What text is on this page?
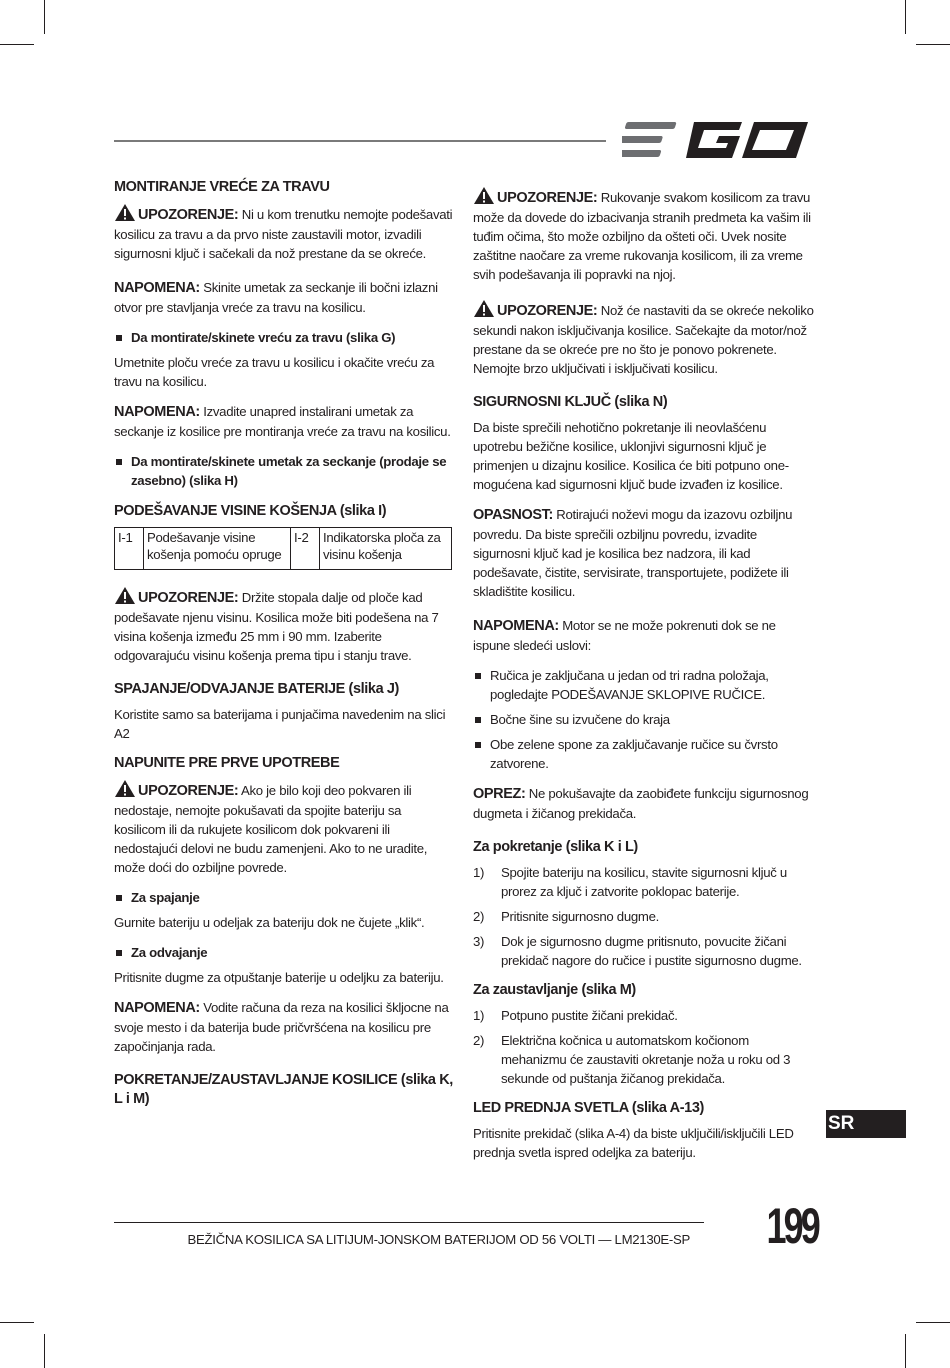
MONTIRANJE VREĆE ZA TRAVU

UPOZORENJE: Ni u kom trenutku nemojte podešavati kosilicu za travu a da prvo niste zaustavili motor, izvadili sigurnosni ključ i sačekali da nož prestane da se okreće.

NAPOMENA: Skinite umetak za seckanje ili bočni izlazni otvor pre stavljanja vreće za travu na kosilicu.

Da montirate/skinete vreću za travu (slika G)

Umetnite ploču vreće za travu u kosilicu i okačite vreću za travu na kosilicu.

NAPOMENA: Izvadite unapred instalirani umetak za seckanje iz kosilice pre montiranja vreće za travu na kosilicu.

Da montirate/skinete umetak za seckanje (prodaje se zasebno) (slika H)
PODEŠAVANJE VISINE KOŠENJA (slika I)
I-1	Podešavanje visine košenja pomoću opruge	I-2	Indikatorska ploča za visinu košenja

UPOZORENJE: Držite stopala dalje od ploče kad podešavate njenu visinu. Kosilica može biti podešena na 7 visina košenja između 25 mm i 90 mm. Izaberite odgovarajuću visinu košenja prema tipu i stanju trave.

SPAJANJE/ODVAJANJE BATERIJE (slika J)

Koristite samo sa baterijama i punjačima navedenim na slici A2

NAPUNITE PRE PRVE UPOTREBE

UPOZORENJE: Ako je bilo koji deo pokvaren ili nedostaje, nemojte pokušavati da spojite bateriju sa kosilicom ili da rukujete kosilicom dok pokvareni ili nedostajući delovi ne budu zamenjeni. Ako to ne uradite, može doći do ozbiljne povrede.

Za spajanje

Gurnite bateriju u odeljak za bateriju dok ne čujete „klik“.

Za odvajanje

Pritisnite dugme za otpuštanje baterije u odeljku za bateriju.

NAPOMENA: Vodite računa da reza na kosilici škljocne na svoje mesto i da baterija bude pričvršćena na kosilicu pre započinjanja rada.

POKRETANJE/ZAUSTAVLJANJE KOSILICE (slika K, L i M)

UPOZORENJE: Rukovanje svakom kosilicom za travu može da dovede do izbacivanja stranih predmeta ka vašim ili tuđim očima, što može ozbiljno da ošteti oči. Uvek nosite zaštitne naočare za vreme rukovanja kosilicom, ili za vreme svih podešavanja ili popravki na njoj.

UPOZORENJE: Nož će nastaviti da se okreće nekoliko sekundi nakon isključivanja kosilice. Sačekajte da motor/nož prestane da se okreće pre no što je ponovo pokrenete. Nemojte brzo uključivati i isključivati kosilicu.

SIGURNOSNI KLJUČ (slika N)

Da biste sprečili nehotično pokretanje ili neovlašćenu upotrebu bežične kosilice, uklonjivi sigurnosni ključ je primenjen u dizajnu kosilice. Kosilica će biti potpuno one-mogućena kad sigurnosni ključ bude izvađen iz kosilice.

OPASNOST: Rotirajući noževi mogu da izazovu ozbiljnu povredu. Da biste sprečili ozbiljnu povredu, izvadite sigurnosni ključ kad je kosilica bez nadzora, ili kad podešavate, čistite, servisirate, transportujete, podižete ili skladištite kosilicu.

NAPOMENA: Motor se ne može pokrenuti dok se ne ispune sledeći uslovi:

Ručica je zaključana u jedan od tri radna položaja, pogledajte PODEŠAVANJE SKLOPIVE RUČICE.
Bočne šine su izvučene do kraja
Obe zelene spone za zaključavanje ručice su čvrsto zatvorene.

OPREZ: Ne pokušavajte da zaobiđete funkciju sigurnosnog dugmeta i žičanog prekidača.

Za pokretanje (slika K i L)
1) Spojite bateriju na kosilicu, stavite sigurnosni ključ u prorez za ključ i zatvorite poklopac baterije.
2) Pritisnite sigurnosno dugme.
3) Dok je sigurnosno dugme pritisnuto, povucite žičani prekidač nagore do ručice i pustite sigurnosno dugme.
Za zaustavljanje (slika M)
1) Potpuno pustite žičani prekidač.
2) Električna kočnica u automatskom kočionom mehanizmu će zaustaviti okretanje noža u roku od 3 sekunde od puštanja žičanog prekidača.
LED PREDNJA SVETLA (slika A-13)

Pritisnite prekidač (slika A-4) da biste uključili/isključili LED prednja svetla ispred odeljka za bateriju.

SR
BEŽIČNA KOSILICA SA LITIJUM-JONSKOM BATERIJOM OD 56 VOLTI — LM2130E-SP 199
